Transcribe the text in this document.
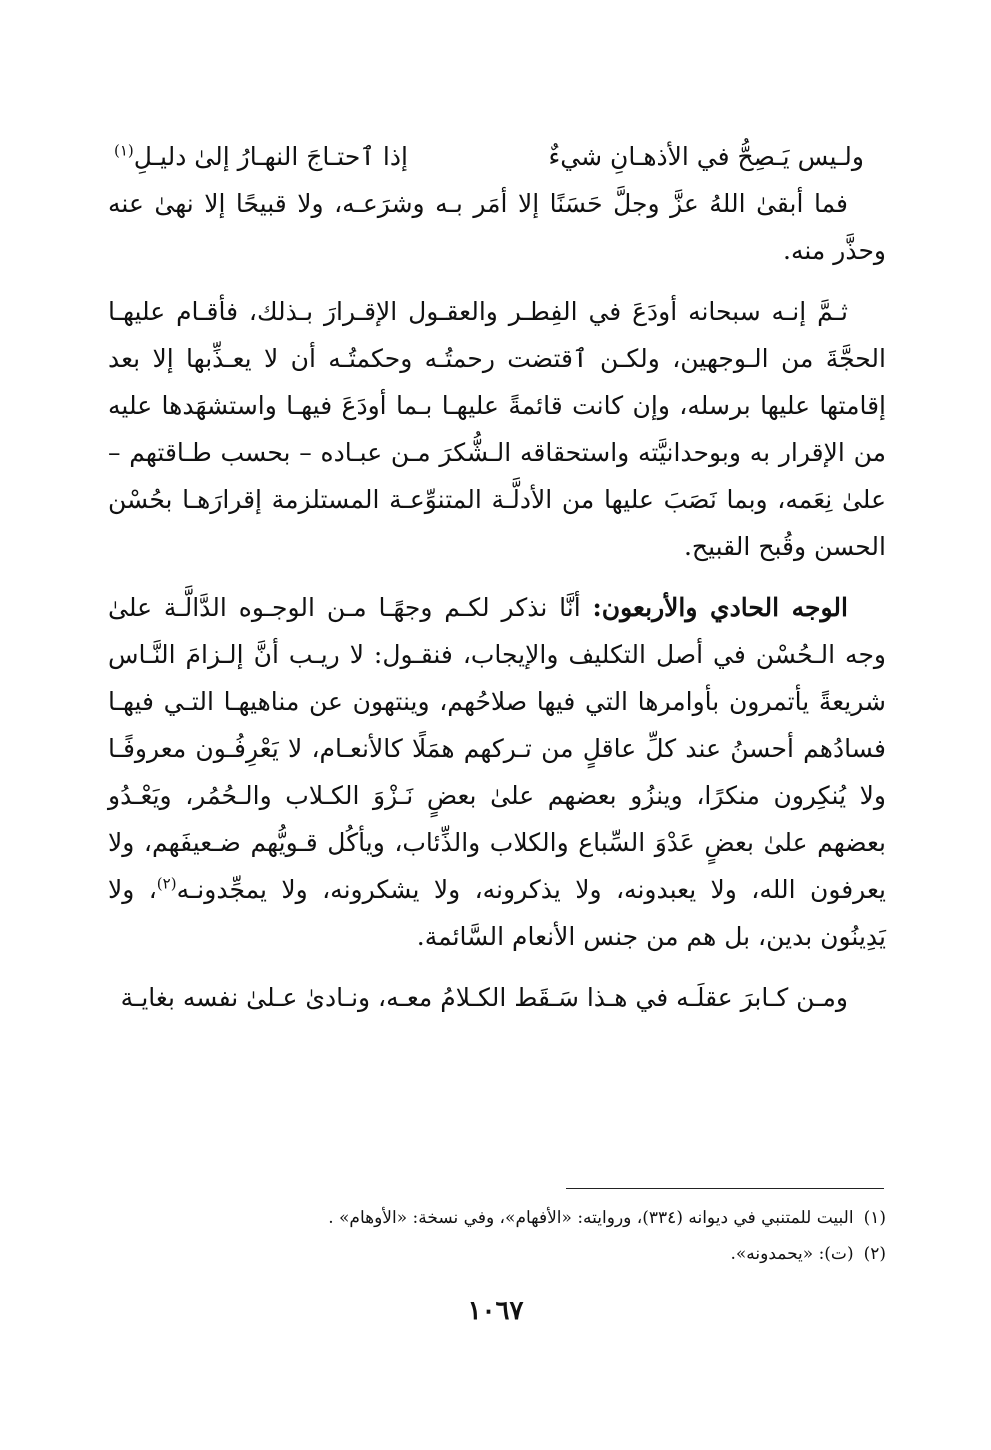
ولـيس يَـصِحُّ في الأذهـانِ شيءٌ
إذا ٱحتـاجَ النهـارُ إلىٰ دليـلِ$^{(١)}$

فما أبقىٰ اللهُ عزَّ وجلَّ حَسَنًا إلا أمَر بـه وشرَعـه، ولا قبيحًا إلا نهىٰ عنه وحذَّر منه.

ثـمَّ إنـه سبحانه أودَعَ في الفِطـر والعقـول الإقـرارَ بـذلك، فأقـام عليهـا الحجَّةَ من الـوجهين، ولكـن ٱقتضت رحمتُـه وحكمتُـه أن لا يعـذِّبها إلا بعد إقامتها عليها برسله، وإن كانت قائمةً عليهـا بـما أودَعَ فيهـا واستشهَدها عليه من الإقرار به وبوحدانيَّته واستحقاقه الـشُّكرَ مـن عبـاده – بحسب طـاقتهم – علىٰ نِعَمه، وبما نَصَبَ عليها من الأدلَّـة المتنوِّعـة المستلزمة إقرارَهـا بحُسْن الحسن وقُبح القبيح.

الوجه الحادي والأربعون: أنَّا نذكر لكـم وجهًـا مـن الوجـوه الدَّالَّـة علىٰ وجه الـحُسْن في أصل التكليف والإيجاب، فنقـول: لا ريـب أنَّ إلـزامَ النَّـاس شريعةً يأتمرون بأوامرها التي فيها صلاحُهم، وينتهون عن مناهيهـا التـي فيهـا فسادُهم أحسنُ عند كلِّ عاقلٍ من تـركهم همَلًا كالأنعـام، لا يَعْرِفُـون معروفًـا ولا يُنكِرون منكرًا، وينزُو بعضهم علىٰ بعضٍ نَـزْوَ الكـلاب والـحُمُر، ويَعْـدُو بعضهم علىٰ بعضٍ عَدْوَ السِّباع والكلاب والذِّئاب، ويأكُل قـويُّهم ضـعيفَهم، ولا يعرفون الله، ولا يعبدونه، ولا يذكرونه، ولا يشكرونه، ولا يمجِّدونـه$^{(٢)}$، ولا يَدِينُون بدين، بل هم من جنس الأنعام السَّائمة.

ومـن كـابرَ عقلَـه في هـذا سَـقَط الكـلامُ معـه، ونـادىٰ عـلىٰ نفسه بغايـة

(١)
البيت للمتنبي في ديوانه (٣٣٤)، وروايته: «الأفهام»، وفي نسخة: «الأوهام» .
(٢)
(ت): «يحمدونه».
١٠٦٧
